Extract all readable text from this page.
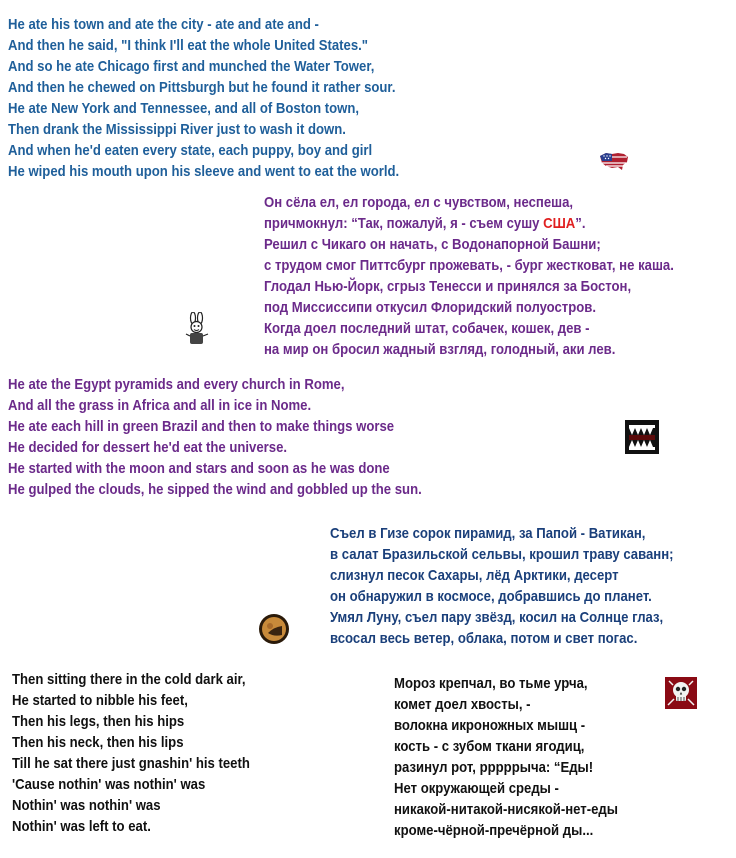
He ate his town and ate the city - ate and ate and -
And then he said, "I think I'll eat the whole United States."
And so he ate Chicago first and munched the Water Tower,
And then he chewed on Pittsburgh but he found it rather sour.
He ate New York and Tennessee, and all of Boston town,
Then drank the Mississippi River just to wash it down.
And when he'd eaten every state, each puppy, boy and girl
He wiped his mouth upon his sleeve and went to eat the world.
Он сёла ел, ел города, ел с чувством, неспеша,
причмокнул: “Так, пожалуй, я - съем сушу США”.
Решил с Чикаго он начать, с Водонапорной Башни;
с трудом смог Питтсбург прожевать, - бург жестковат, не каша.
Глодал Нью-Йорк, сгрыз Тенесси и принялся за Бостон,
под Миссиссипи откусил Флоридский полуостров.
Когда доел последний штат, собачек, кошек, дев -
на мир он бросил жадный взгляд, голодный, аки лев.
He ate the Egypt pyramids and every church in Rome,
And all the grass in Africa and all in ice in Nome.
He ate each hill in green Brazil and then to make things worse
He decided for dessert he'd eat the universe.
He started with the moon and stars and soon as he was done
He gulped the clouds, he sipped the wind and gobbled up the sun.
Съел в Гизе сорок пирамид, за Папой - Ватикан,
в салат Бразильской сельвы, крошил траву саванн;
слизнул песок Сахары, лёд Арктики, десерт
он обнаружил в космосе, добравшись до планет.
Умял Луну, съел пару звёзд, косил на Солнце глаз,
всосал весь ветер, облака, потом и свет погас.
Then sitting there in the cold dark air,
He started to nibble his feet,
Then his legs, then his hips
Then his neck, then his lips
Till he sat there just gnashin' his teeth
'Cause nothin' was nothin' was
Nothin' was nothin' was
Nothin' was left to eat.
Мороз крепчал, во тьме урча,
комет доел хвосты, -
волокна икроножных мышц -
кость - с зубом ткани ягодиц,
разинул рот, рррррыча: “Еды!
Нет окружающей среды -
никакой-нитакой-нисякой-нет-еды
кроме-чёрной-пречёрной ды...
